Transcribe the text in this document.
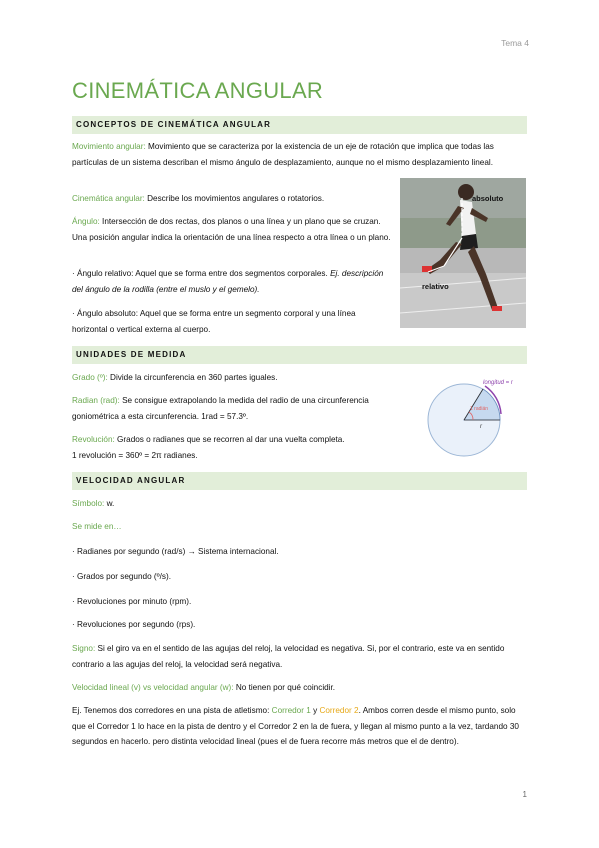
Tema 4
CINEMÁTICA ANGULAR
CONCEPTOS DE CINEMÁTICA ANGULAR
Movimiento angular: Movimiento que se caracteriza por la existencia de un eje de rotación que implica que todas las partículas de un sistema describan el mismo ángulo de desplazamiento, aunque no el mismo desplazamiento lineal.
Cinemática angular: Describe los movimientos angulares o rotatorios.
Ángulo: Intersección de dos rectas, dos planos o una línea y un plano que se cruzan. Una posición angular indica la orientación de una línea respecto a otra línea o un plano.
· Ángulo relativo: Aquel que se forma entre dos segmentos corporales. Ej. descripción del ángulo de la rodilla (entre el muslo y el gemelo).
· Ángulo absoluto: Aquel que se forma entre un segmento corporal y una línea horizontal o vertical externa al cuerpo.
absoluto
relativo
UNIDADES DE MEDIDA
Grado (º): Divide la circunferencia en 360 partes iguales.
Radian (rad): Se consigue extrapolando la medida del radio de una circunferencia goniométrica a esta circunferencia. 1rad = 57.3º.
Revolución: Grados o radianes que se recorren al dar una vuelta completa.
1 revolución = 360º = 2π radianes.
longitud = r
1 radián
r
VELOCIDAD ANGULAR
Símbolo: w.
Se mide en…
· Radianes por segundo (rad/s) → Sistema internacional.
· Grados por segundo (º/s).
· Revoluciones por minuto (rpm).
· Revoluciones por segundo (rps).
Signo: Si el giro va en el sentido de las agujas del reloj, la velocidad es negativa. Si, por el contrario, este va en sentido contrario a las agujas del reloj, la velocidad será negativa.
Velocidad lineal (v) vs velocidad angular (w): No tienen por qué coincidir.
Ej. Tenemos dos corredores en una pista de atletismo: Corredor 1 y Corredor 2. Ambos corren desde el mismo punto, solo que el Corredor 1 lo hace en la pista de dentro y el Corredor 2 en la de fuera, y llegan al mismo punto a la vez, tardando 30 segundos en hacerlo. pero distinta velocidad lineal (pues el de fuera recorre más metros que el de dentro).
1
